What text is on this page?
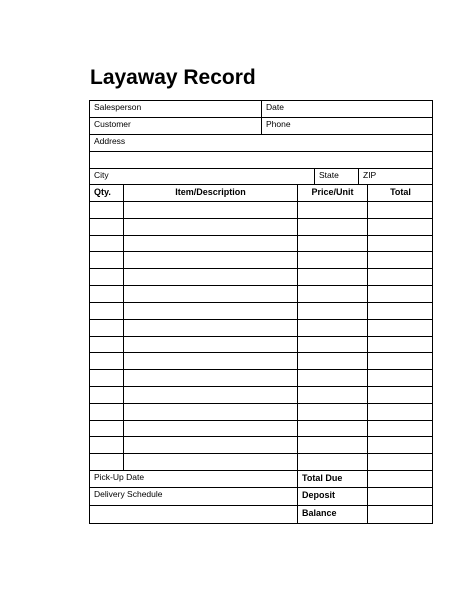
Layaway Record
Salesperson	Date
Customer	Phone
Address
City	State	ZIP
Qty.	Item/Description	Price/Unit	Total
Pick-Up Date	Total Due
Delivery Schedule	Deposit
Balance
